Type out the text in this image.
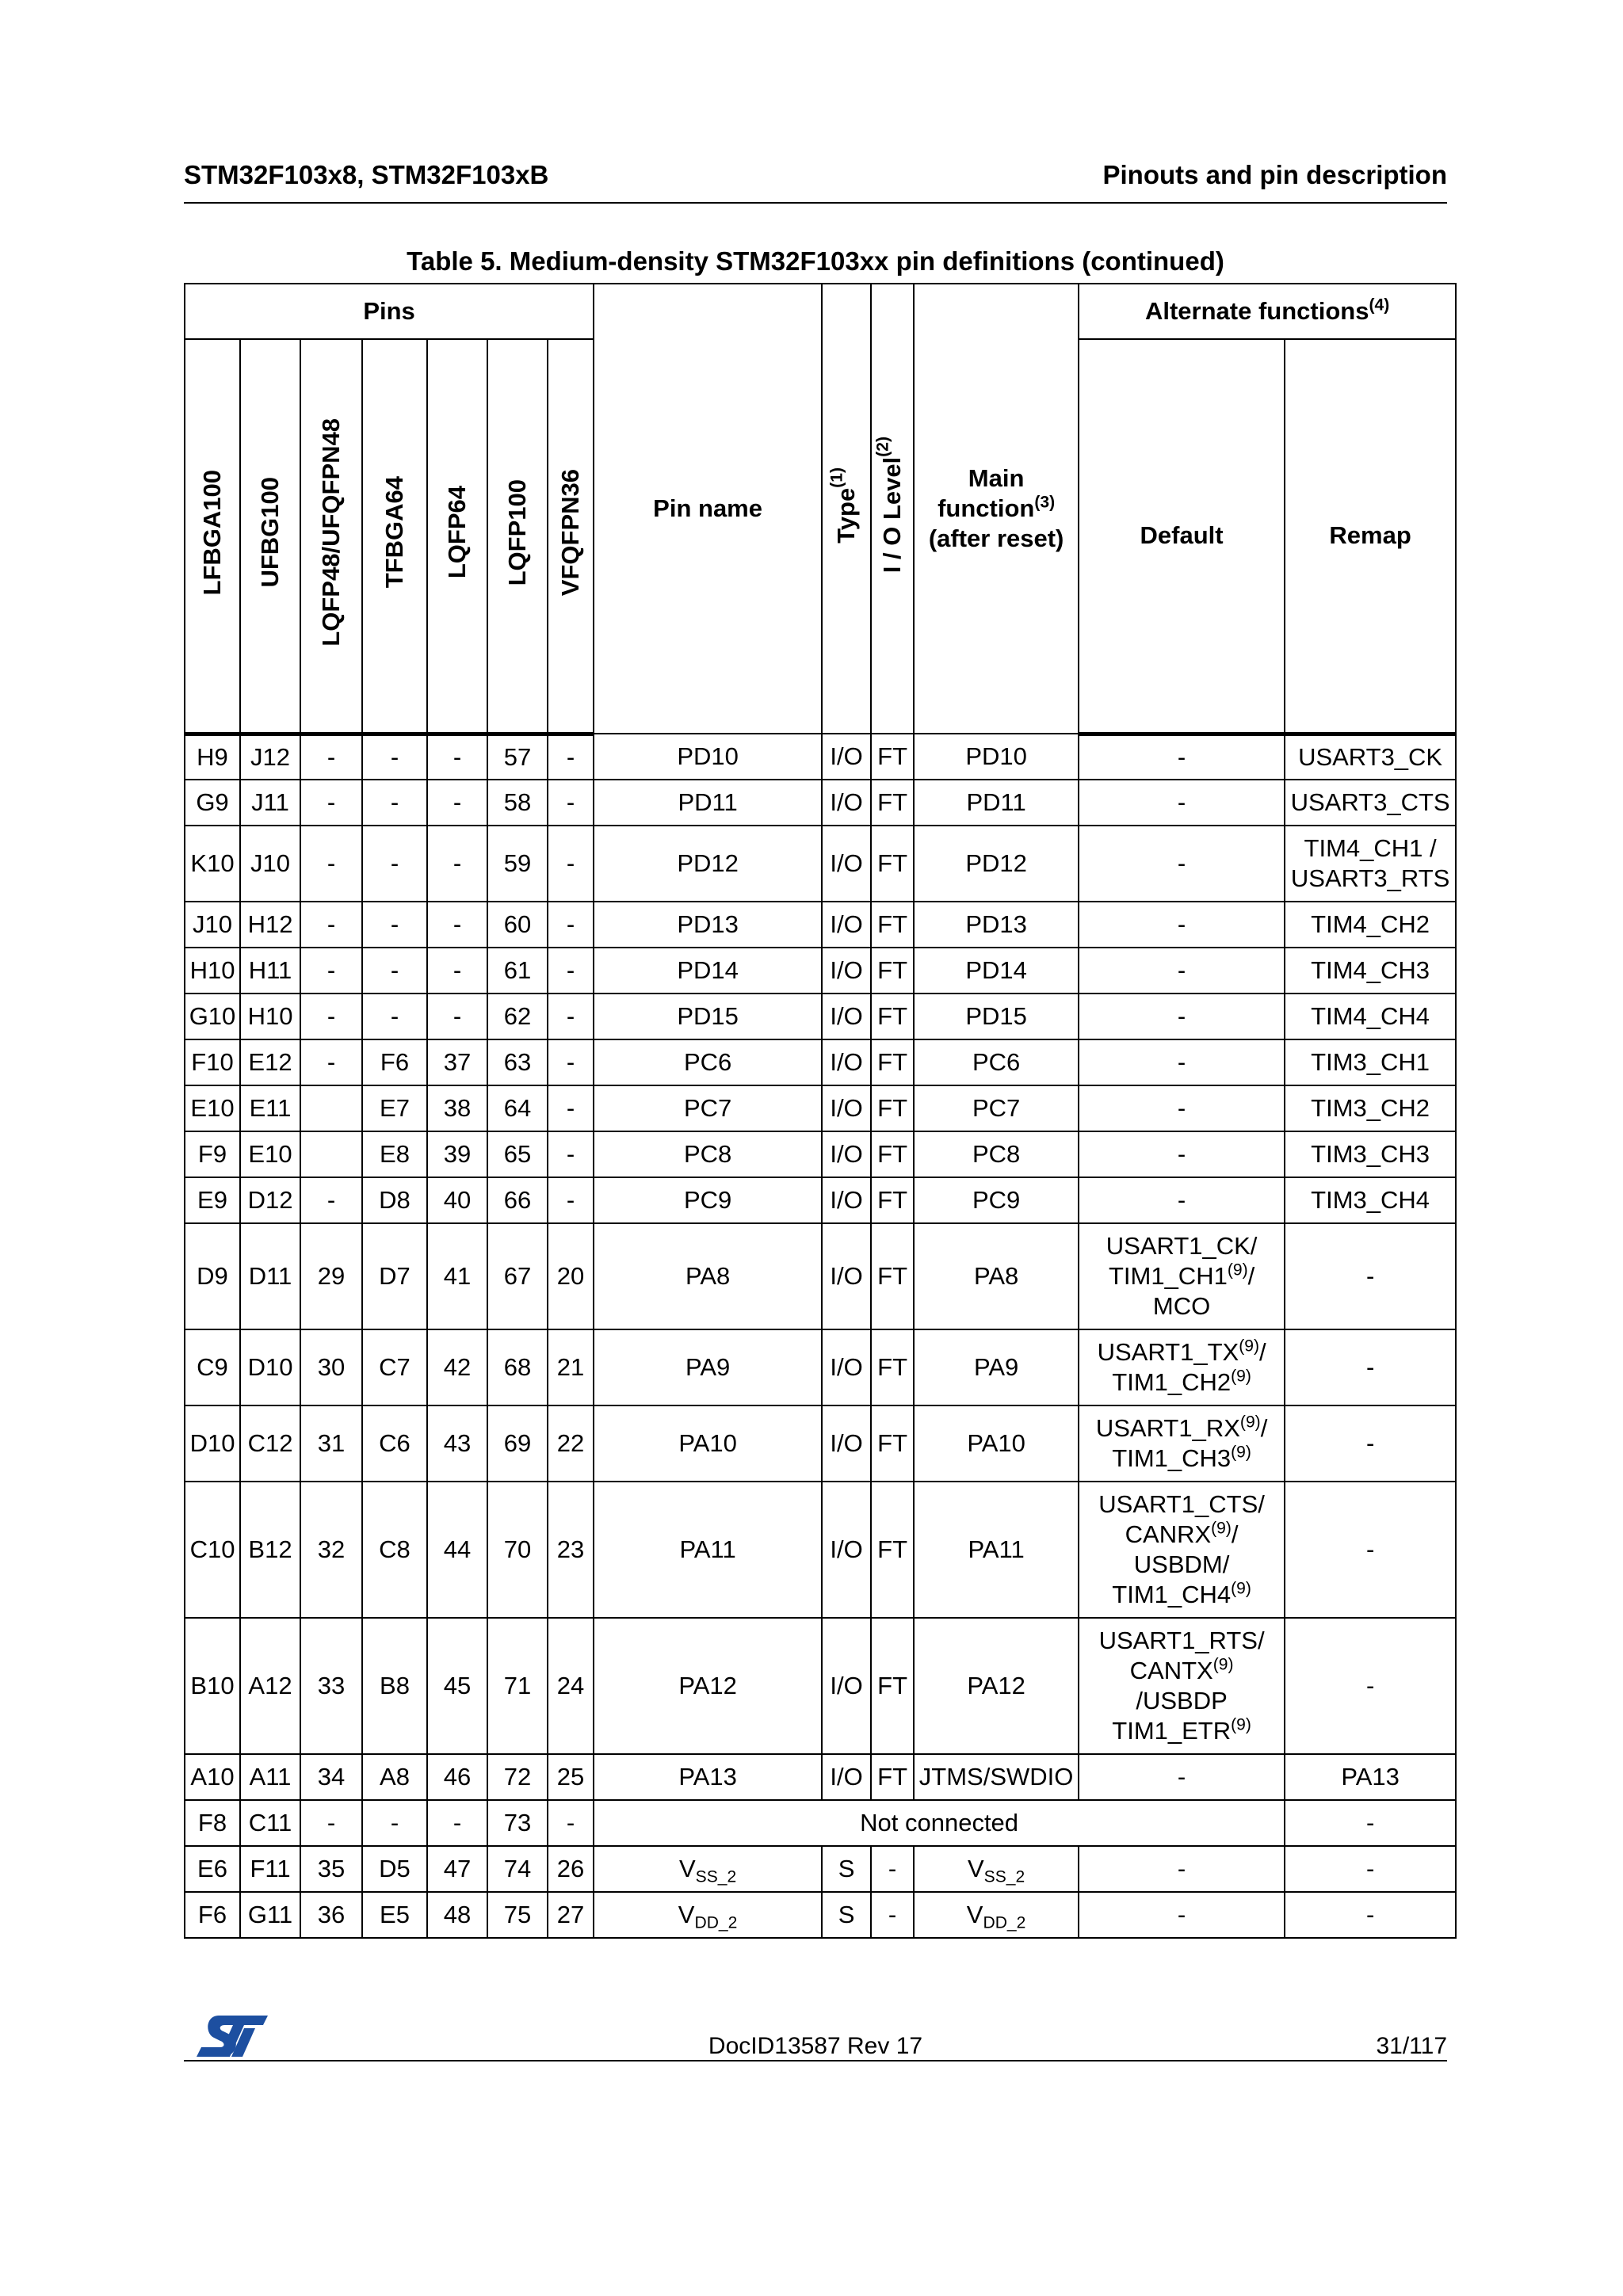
STM32F103x8, STM32F103xB	Pinouts and pin description
Table 5. Medium-density STM32F103xx pin definitions (continued)
Pins							Pin name	Type$^{(1)}$	I / O Level$^{(2)}$	Main
function$^{(3)}$
(after reset)	Alternate functions$^{(4)}$
LFBGA100	UFBG100	LQFP48/UFQFPN48	TFBGA64	LQFP64	LQFP100	VFQFPN36					Default	Remap
H9	J12	-	-	-	57	-	PD10	I/O	FT	PD10	-	USART3_CK
G9	J11	-	-	-	58	-	PD11	I/O	FT	PD11	-	USART3_CTS
K10	J10	-	-	-	59	-	PD12	I/O	FT	PD12	-	TIM4_CH1 /
USART3_RTS
J10	H12	-	-	-	60	-	PD13	I/O	FT	PD13	-	TIM4_CH2
H10	H11	-	-	-	61	-	PD14	I/O	FT	PD14	-	TIM4_CH3
G10	H10	-	-	-	62	-	PD15	I/O	FT	PD15	-	TIM4_CH4
F10	E12	-	F6	37	63	-	PC6	I/O	FT	PC6	-	TIM3_CH1
E10	E11		E7	38	64	-	PC7	I/O	FT	PC7	-	TIM3_CH2
F9	E10		E8	39	65	-	PC8	I/O	FT	PC8	-	TIM3_CH3
E9	D12	-	D8	40	66	-	PC9	I/O	FT	PC9	-	TIM3_CH4
D9	D11	29	D7	41	67	20	PA8	I/O	FT	PA8	USART1_CK/
TIM1_CH1$^{(9)}$/
MCO	-
C9	D10	30	C7	42	68	21	PA9	I/O	FT	PA9	USART1_TX$^{(9)}$/
TIM1_CH2$^{(9)}$	-
D10	C12	31	C6	43	69	22	PA10	I/O	FT	PA10	USART1_RX$^{(9)}$/
TIM1_CH3$^{(9)}$	-
C10	B12	32	C8	44	70	23	PA11	I/O	FT	PA11	USART1_CTS/
CANRX$^{(9)}$/
USBDM/
TIM1_CH4$^{(9)}$	-
B10	A12	33	B8	45	71	24	PA12	I/O	FT	PA12	USART1_RTS/
CANTX$^{(9)}$
/USBDP
TIM1_ETR$^{(9)}$	-
A10	A11	34	A8	46	72	25	PA13	I/O	FT	JTMS/SWDIO	-	PA13
F8	C11	-	-	-	73	-	Not connected					-
E6	F11	35	D5	47	74	26	$V_{SS\_2}$	S	-	$V_{SS\_2}$	-	-
F6	G11	36	E5	48	75	27	$V_{DD\_2}$	S	-	$V_{DD\_2}$	-	-
DocID13587 Rev 17	31/117
